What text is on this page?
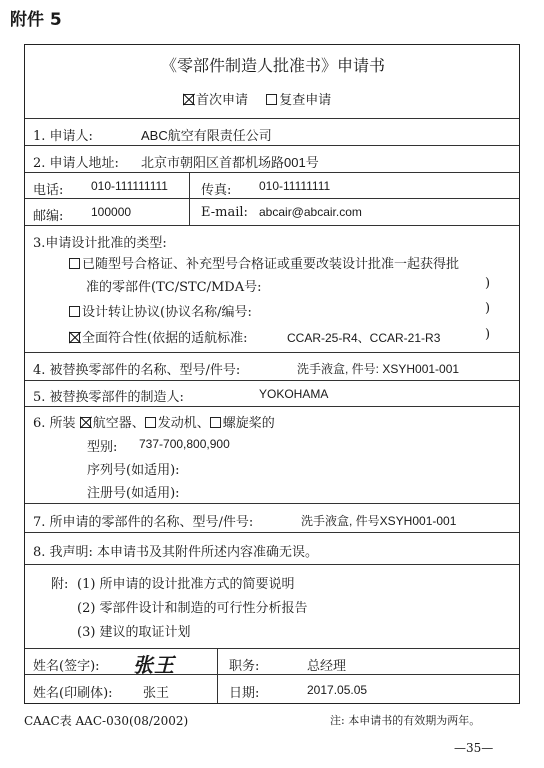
附件 5
《零部件制造人批准书》申请书
首次申请 复查申请
1. 申请人:	ABC航空有限责任公司
2. 申请人地址: 北京市朝阳区首都机场路001号
电话: 010-111111111	传真: 010-11111111
邮编: 100000	E-mail: abcair@abcair.com
3.申请设计批准的类型:
已随型号合格证、补充型号合格证或重要改装设计批准一起获得批
准的零部件(TC/STC/MDA号:	)
设计转让协议(协议名称/编号:	)
全面符合性(依据的适航标准:	CCAR-25-R4、CCAR-21-R3	)
4. 被替换零部件的名称、型号/件号:	洗手液盒, 件号: XSYH001-001
5. 被替换零部件的制造人:	YOKOHAMA
6. 所装 航空器、 发动机、 螺旋桨的
型别: 737-700,800,900
序列号(如适用):
注册号(如适用):
7. 所申请的零部件的名称、型号/件号:	洗手液盒, 件号XSYH001-001
8. 我声明: 本申请书及其附件所述内容准确无误。
附: (1) 所申请的设计批准方式的简要说明
(2) 零部件设计和制造的可行性分析报告
(3) 建议的取证计划
姓名(签字): 张王	职务:	总经理
姓名(印刷体): 张王	日期:	2017.05.05
CAAC表 AAC-030(08/2002)	注: 本申请书的有效期为两年。
—35—
